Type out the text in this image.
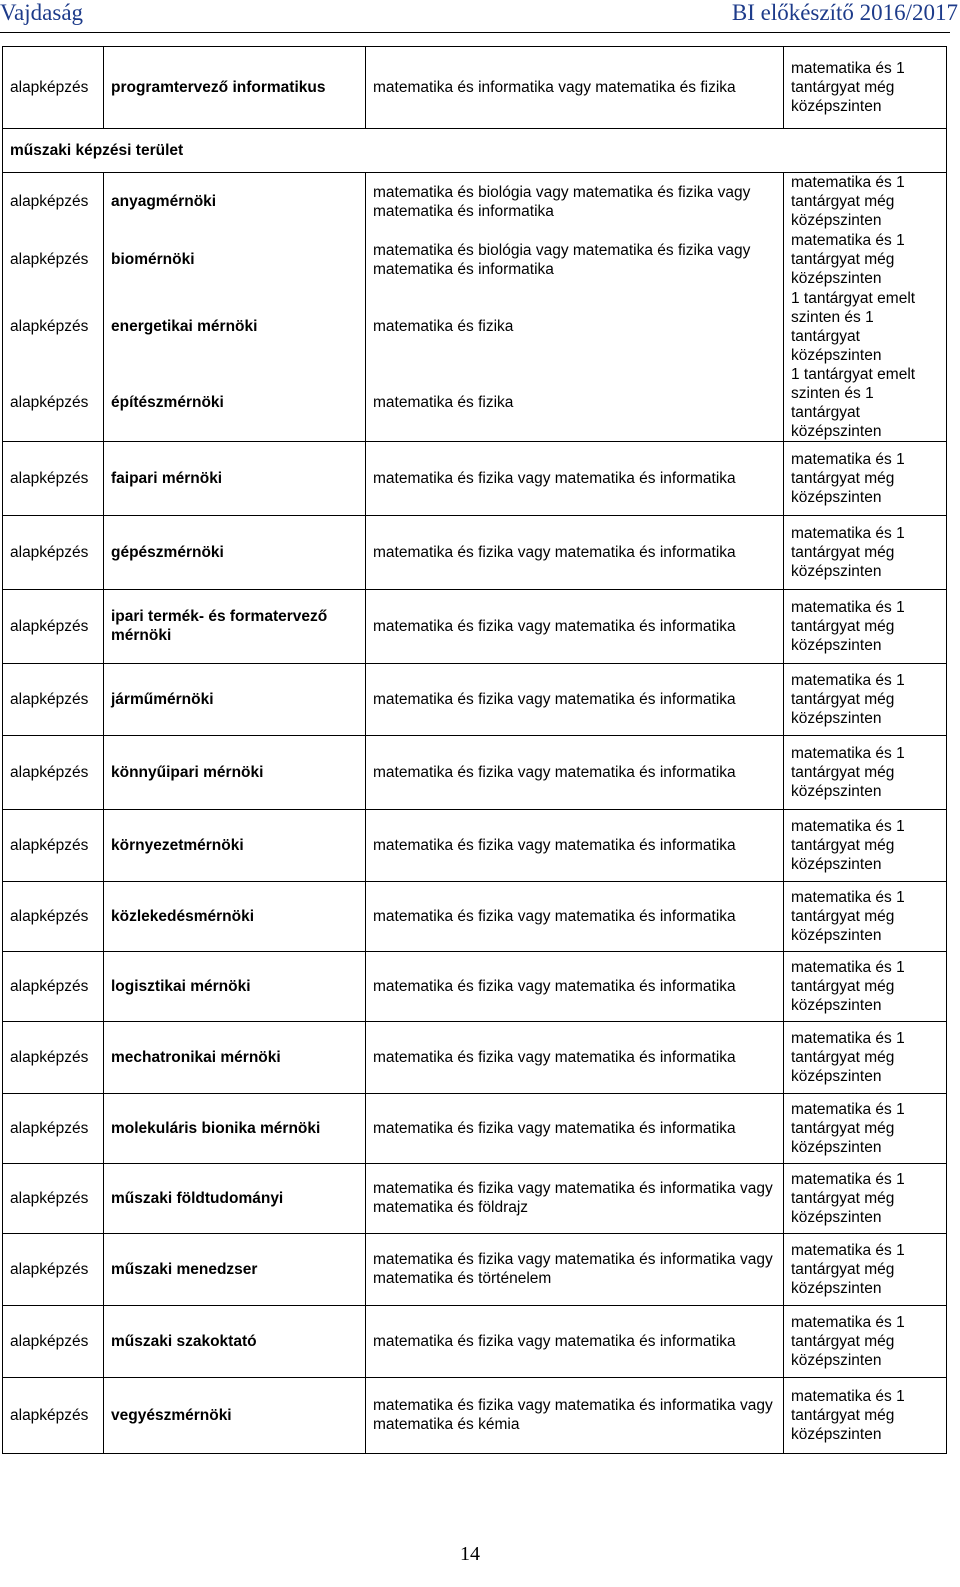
Vajdaság	BI előkészítő 2016/2017
alapképzés	programtervező informatikus	matematika és informatika vagy matematika és fizika	matematika és 1 tantárgyat még középszinten
műszaki képzési terület			
alapképzés	anyagmérnöki	matematika és biológia vagy matematika és fizika vagy matematika és informatika	matematika és 1 tantárgyat még középszinten
alapképzés	biomérnöki	matematika és biológia vagy matematika és fizika vagy matematika és informatika	matematika és 1 tantárgyat még középszinten
alapképzés	energetikai mérnöki	matematika és fizika	1 tantárgyat emelt szinten és 1 tantárgyat középszinten
alapképzés	építészmérnöki	matematika és fizika	1 tantárgyat emelt szinten és 1 tantárgyat középszinten
alapképzés	faipari mérnöki	matematika és fizika vagy matematika és informatika	matematika és 1 tantárgyat még középszinten
alapképzés	gépészmérnöki	matematika és fizika vagy matematika és informatika	matematika és 1 tantárgyat még középszinten
alapképzés	ipari termék- és formatervező mérnöki	matematika és fizika vagy matematika és informatika	matematika és 1 tantárgyat még középszinten
alapképzés	járműmérnöki	matematika és fizika vagy matematika és informatika	matematika és 1 tantárgyat még középszinten
alapképzés	könnyűipari mérnöki	matematika és fizika vagy matematika és informatika	matematika és 1 tantárgyat még középszinten
alapképzés	környezetmérnöki	matematika és fizika vagy matematika és informatika	matematika és 1 tantárgyat még középszinten
alapképzés	közlekedésmérnöki	matematika és fizika vagy matematika és informatika	matematika és 1 tantárgyat még középszinten
alapképzés	logisztikai mérnöki	matematika és fizika vagy matematika és informatika	matematika és 1 tantárgyat még középszinten
alapképzés	mechatronikai mérnöki	matematika és fizika vagy matematika és informatika	matematika és 1 tantárgyat még középszinten
alapképzés	molekuláris bionika mérnöki	matematika és fizika vagy matematika és informatika	matematika és 1 tantárgyat még középszinten
alapképzés	műszaki földtudományi	matematika és fizika vagy matematika és informatika vagy matematika és földrajz	matematika és 1 tantárgyat még középszinten
alapképzés	műszaki menedzser	matematika és fizika vagy matematika és informatika vagy matematika és történelem	matematika és 1 tantárgyat még középszinten
alapképzés	műszaki szakoktató	matematika és fizika vagy matematika és informatika	matematika és 1 tantárgyat még középszinten
alapképzés	vegyészmérnöki	matematika és fizika vagy matematika és informatika vagy matematika és kémia	matematika és 1 tantárgyat még középszinten
14
